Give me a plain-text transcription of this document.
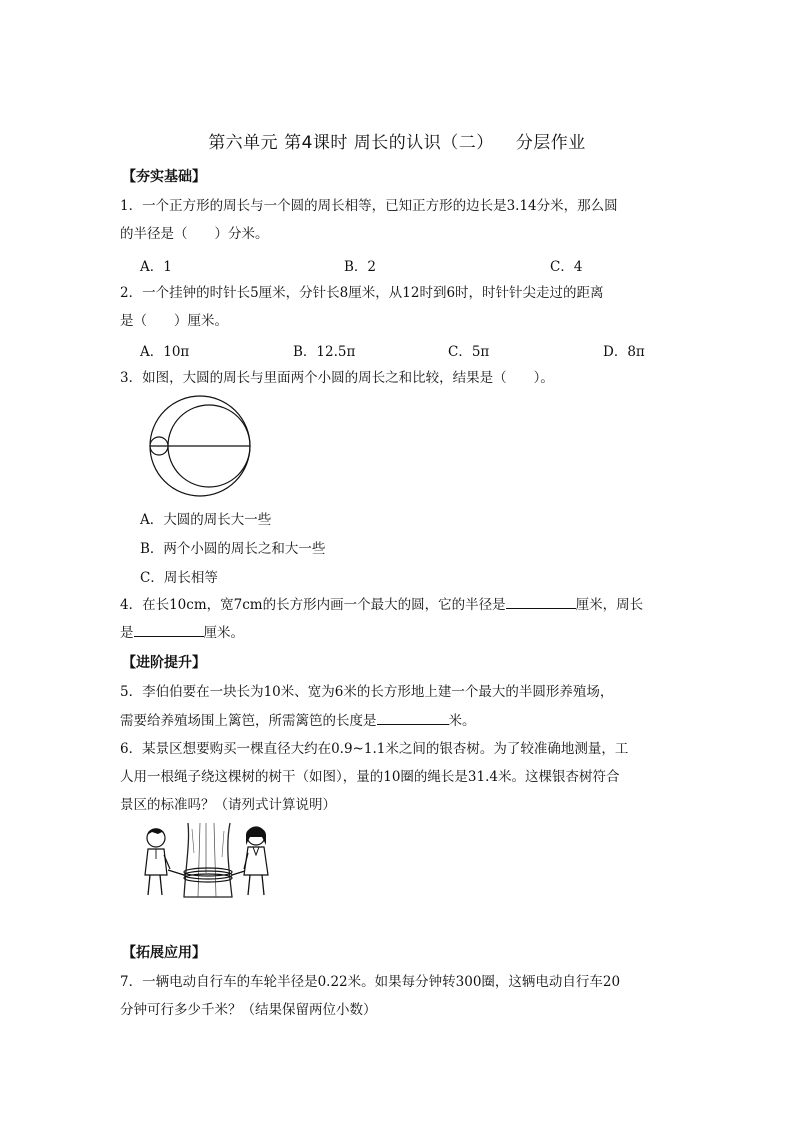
第六单元 第4课时 周长的认识（二） 分层作业
【夯实基础】
1．一个正方形的周长与一个圆的周长相等，已知正方形的边长是3.14分米，那么圆
的半径是（　　）分米。
A．1	B．2	C．4
2．一个挂钟的时针长5厘米，分针长8厘米，从12时到6时，时针针尖走过的距离
是（　　）厘米。
A．10π	B．12.5π	C．5π	D．8π
3．如图，大圆的周长与里面两个小圆的周长之和比较，结果是（　　）。
A．大圆的周长大一些
B．两个小圆的周长之和大一些
C．周长相等
4．在长10cm，宽7cm的长方形内画一个最大的圆，它的半径是	厘米，周长
是	厘米。
【进阶提升】
5．李伯伯要在一块长为10米、宽为6米的长方形地上建一个最大的半圆形养殖场，
需要给养殖场围上篱笆，所需篱笆的长度是	米。
6．某景区想要购买一棵直径大约在0.9~1.1米之间的银杏树。为了较准确地测量，工
人用一根绳子绕这棵树的树干（如图），量的10圈的绳长是31.4米。这棵银杏树符合
景区的标准吗？（请列式计算说明）
【拓展应用】
7．一辆电动自行车的车轮半径是0.22米。如果每分钟转300圈，这辆电动自行车20
分钟可行多少千米？（结果保留两位小数）
